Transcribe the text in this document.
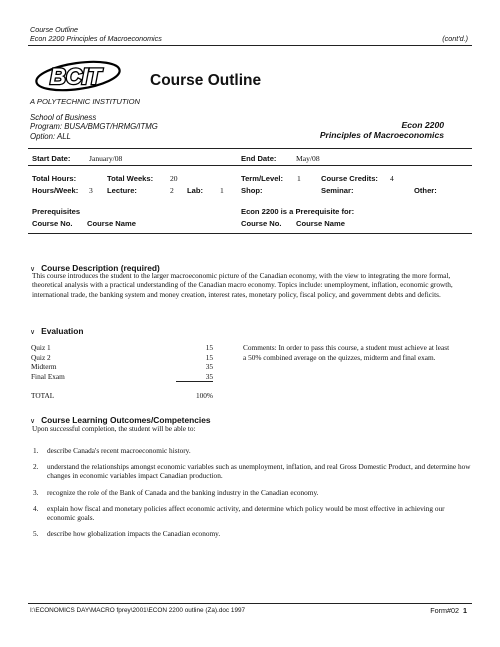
Course Outline
Econ 2200 Principles of Macroeconomics	(cont'd.)
BCIT
A POLYTECHNIC INSTITUTION
Course Outline
School of Business
Program: BUSA/BMGT/HRMG/ITMG
Option: ALL
Econ 2200
Principles of Macroeconomics
Start Date: January/08	End Date:	May/08
Total Hours:	Total Weeks: 20	Term/Level: 1	Course Credits: 4
Hours/Week: 3 Lecture:	2 Lab: 1 Shop:	Seminar:	Other:
Prerequisites
Course No. Course Name
Econ 2200 is a Prerequisite for:
Course No. Course Name
∨ Course Description (required)
This course introduces the student to the larger macroeconomic picture of the Canadian economy, with the view to integrating the more formal, theoretical analysis with a practical understanding of the Canadian macro economy. Topics include: unemployment, inflation, economic growth, international trade, the banking system and money creation, interest rates, monetary policy, fiscal policy, and government debts and deficits.
∨ Evaluation
Quiz 1	15
Quiz 2	15
Midterm	35
Final Exam	35
TOTAL	100%
Comments: In order to pass this course, a student must achieve at least a 50% combined average on the quizzes, midterm and final exam.
∨ Course Learning Outcomes/Competencies
Upon successful completion, the student will be able to:
1. describe Canada's recent macroeconomic history.
2. understand the relationships amongst economic variables such as unemployment, inflation, and real Gross Domestic Product, and determine how changes in economic variables impact Canadian production.
3. recognize the role of the Bank of Canada and the banking industry in the Canadian economy.
4. explain how fiscal and monetary policies affect economic activity, and determine which policy would be most effective in achieving our economic goals.
5. describe how globalization impacts the Canadian economy.
I:\ECONOMICS DAY\MACRO fprey\2001\ECON 2200 outline (Za).doc 1997	Form#02 1
